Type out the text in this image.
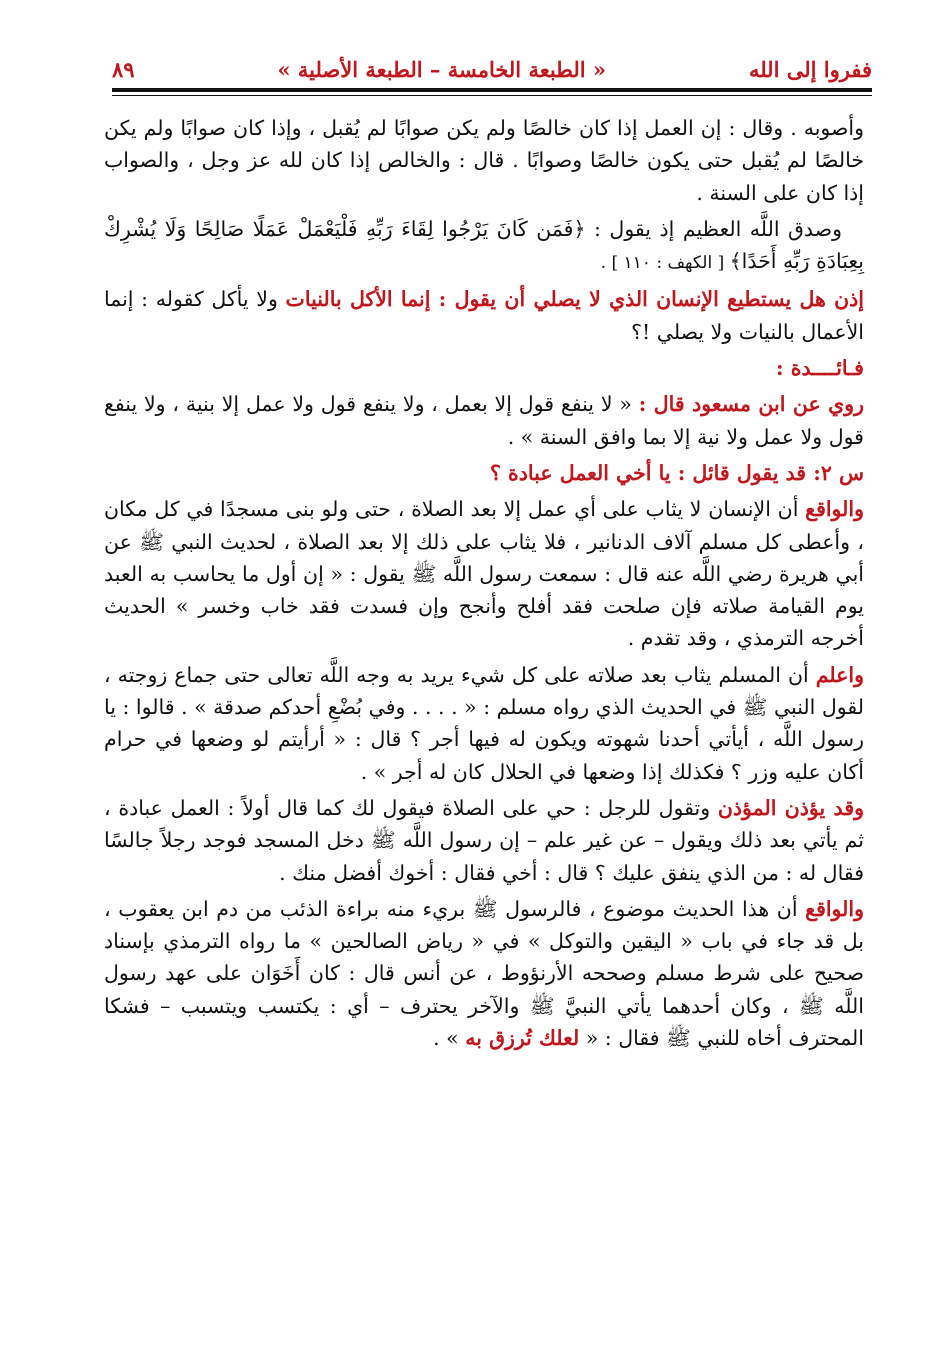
ففروا إلى الله
« الطبعة الخامسة – الطبعة الأصلية »
٨٩

وأصوبه . وقال : إن العمل إذا كان خالصًا ولم يكن صوابًا لم يُقبل ، وإذا كان صوابًا ولم يكن خالصًا لم يُقبل حتى يكون خالصًا وصوابًا . قال : والخالص إذا كان لله عز وجل ، والصواب إذا كان على السنة .

وصدق اللَّه العظيم إذ يقول : ﴿فَمَن كَانَ يَرْجُوا لِقَاءَ رَبِّهِ فَلْيَعْمَلْ عَمَلًا صَالِحًا وَلَا يُشْرِكْ بِعِبَادَةِ رَبِّهِ أَحَدًا﴾ [ الكهف : ١١٠ ] .

إذن هل يستطيع الإنسان الذي لا يصلي أن يقول : إنما الأكل بالنيات ولا يأكل كقوله : إنما الأعمال بالنيات ولا يصلي !؟

فـائــــدة :

روي عن ابن مسعود قال : « لا ينفع قول إلا بعمل ، ولا ينفع قول ولا عمل إلا بنية ، ولا ينفع قول ولا عمل ولا نية إلا بما وافق السنة » .

س ٢: قد يقول قائل : يا أخي العمل عبادة ؟

والواقع أن الإنسان لا يثاب على أي عمل إلا بعد الصلاة ، حتى ولو بنى مسجدًا في كل مكان ، وأعطى كل مسلم آلاف الدنانير ، فلا يثاب على ذلك إلا بعد الصلاة ، لحديث النبي ﷺ عن أبي هريرة رضي اللَّه عنه قال : سمعت رسول اللَّه ﷺ يقول : « إن أول ما يحاسب به العبد يوم القيامة صلاته فإن صلحت فقد أفلح وأنجح وإن فسدت فقد خاب وخسر » الحديث أخرجه الترمذي ، وقد تقدم .

واعلم أن المسلم يثاب بعد صلاته على كل شيء يريد به وجه اللَّه تعالى حتى جماع زوجته ، لقول النبي ﷺ في الحديث الذي رواه مسلم : « . . . . وفي بُضْعِ أحدكم صدقة » . قالوا : يا رسول اللَّه ، أيأتي أحدنا شهوته ويكون له فيها أجر ؟ قال : « أرأيتم لو وضعها في حرام أكان عليه وزر ؟ فكذلك إذا وضعها في الحلال كان له أجر » .

وقد يؤذن المؤذن وتقول للرجل : حي على الصلاة فيقول لك كما قال أولاً : العمل عبادة ، ثم يأتي بعد ذلك ويقول – عن غير علم – إن رسول اللَّه ﷺ دخل المسجد فوجد رجلاً جالسًا فقال له : من الذي ينفق عليك ؟ قال : أخي فقال : أخوك أفضل منك .

والواقع أن هذا الحديث موضوع ، فالرسول ﷺ بريء منه براءة الذئب من دم ابن يعقوب ، بل قد جاء في باب « اليقين والتوكل » في « رياض الصالحين » ما رواه الترمذي بإسناد صحيح على شرط مسلم وصححه الأرنؤوط ، عن أنس قال : كان أَخَوَان على عهد رسول اللَّه ﷺ ، وكان أحدهما يأتي النبيَّ ﷺ والآخر يحترف – أي : يكتسب ويتسبب – فشكا المحترف أخاه للنبي ﷺ فقال : « لعلك تُرزق به » .
